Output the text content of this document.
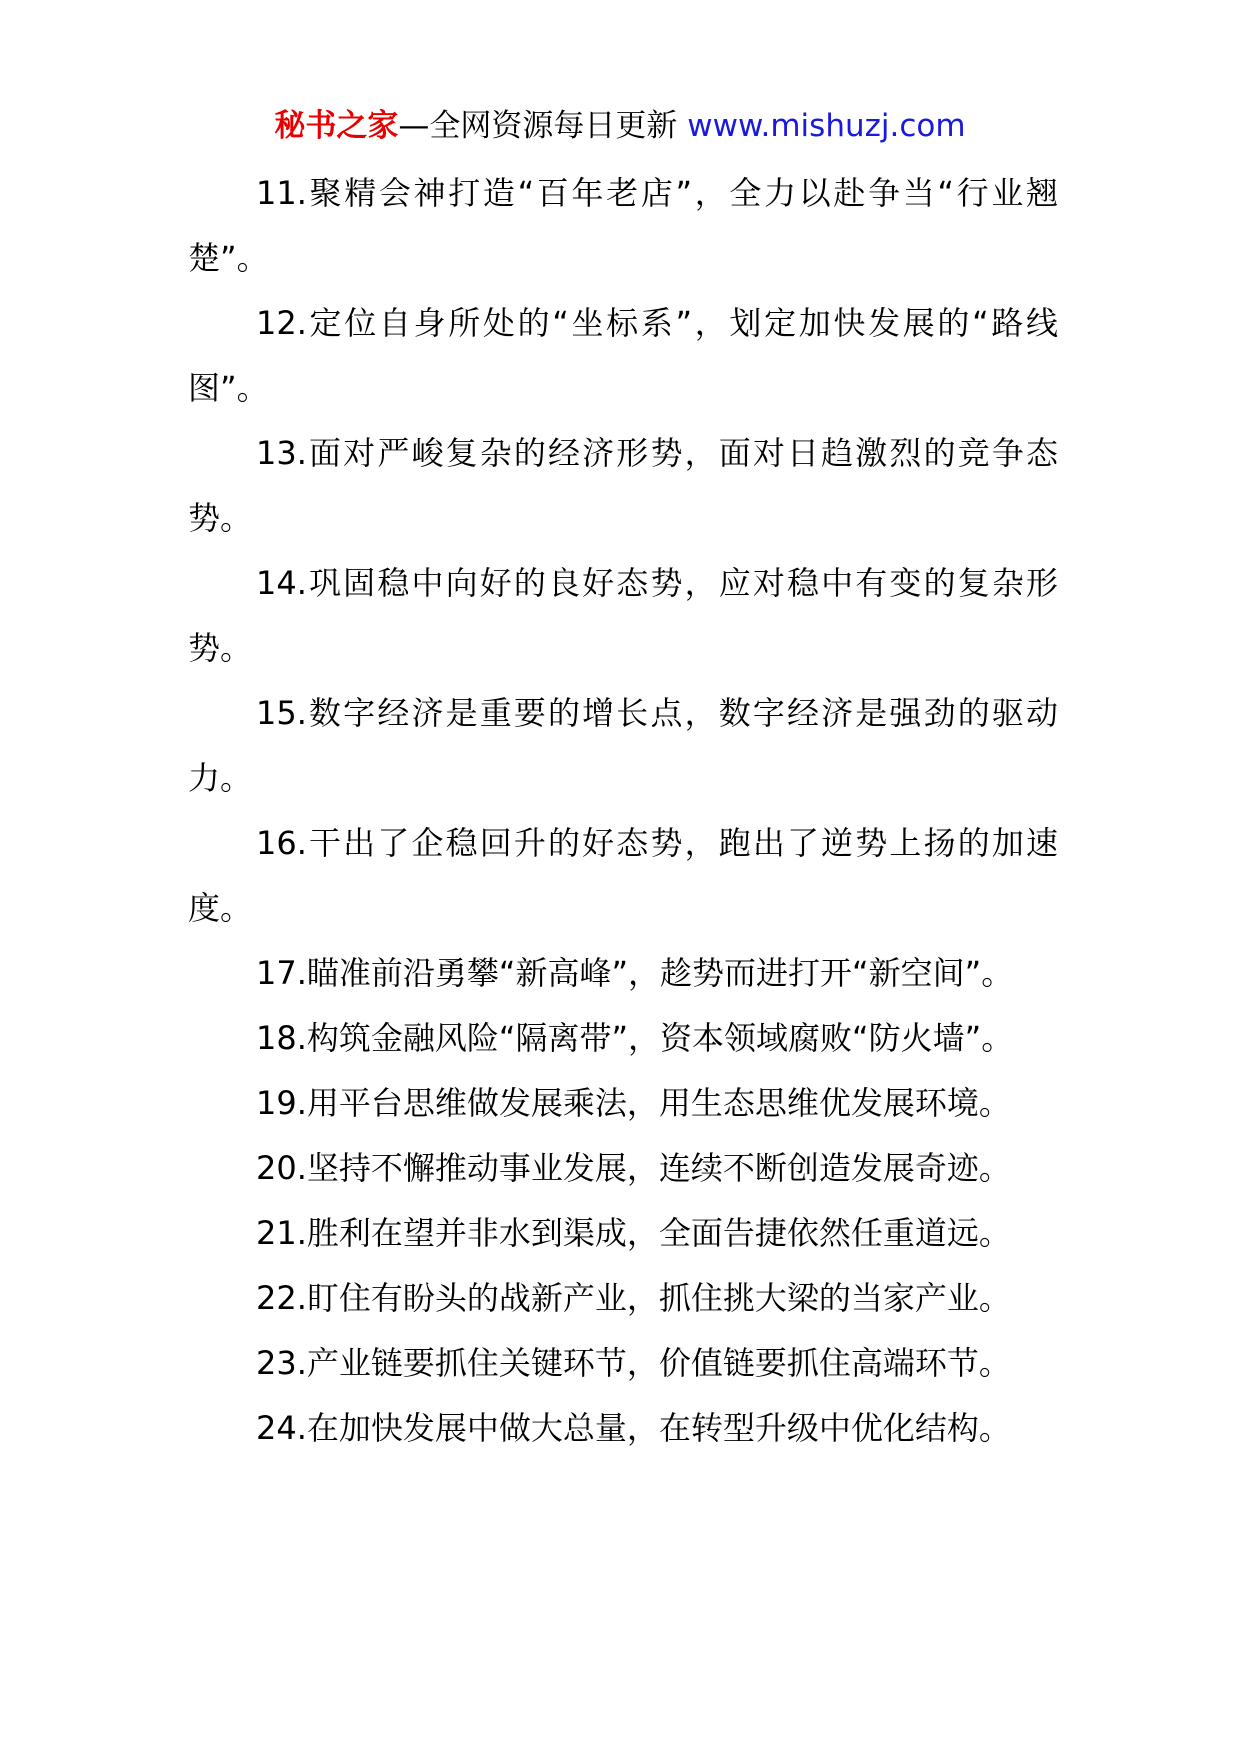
秘书之家—全网资源每日更新 www.mishuzj.com

11.聚精会神打造“百年老店”，全力以赴争当“行业翘楚”。

12.定位自身所处的“坐标系”，划定加快发展的“路线图”。

13.面对严峻复杂的经济形势，面对日趋激烈的竞争态势。

14.巩固稳中向好的良好态势，应对稳中有变的复杂形势。

15.数字经济是重要的增长点，数字经济是强劲的驱动力。

16.干出了企稳回升的好态势，跑出了逆势上扬的加速度。

17.瞄准前沿勇攀“新高峰”，趁势而进打开“新空间”。

18.构筑金融风险“隔离带”，资本领域腐败“防火墙”。

19.用平台思维做发展乘法，用生态思维优发展环境。

20.坚持不懈推动事业发展，连续不断创造发展奇迹。

21.胜利在望并非水到渠成，全面告捷依然任重道远。

22.盯住有盼头的战新产业，抓住挑大梁的当家产业。

23.产业链要抓住关键环节，价值链要抓住高端环节。

24.在加快发展中做大总量，在转型升级中优化结构。
